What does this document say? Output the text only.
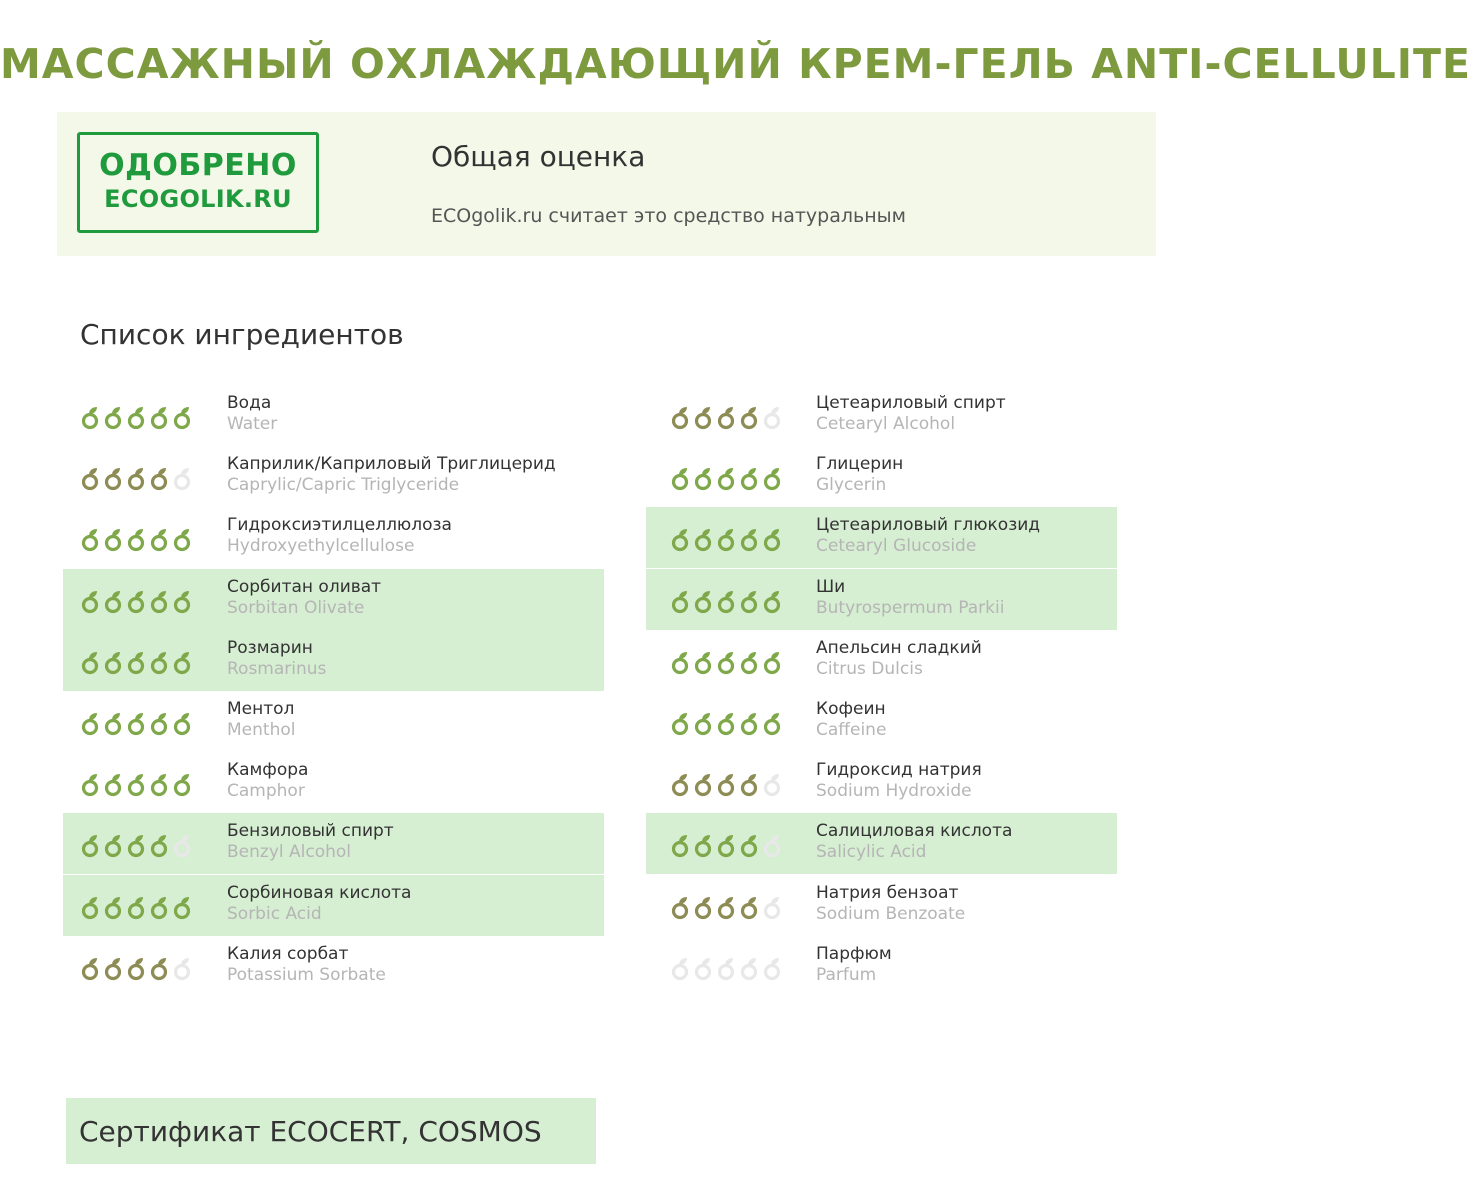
МАССАЖНЫЙ ОХЛАЖДАЮЩИЙ КРЕМ-ГЕЛЬ ANTI-CELLULITE
ОДОБРЕНО
ECOGOLIK.RU
Общая оценка
ECOgolik.ru считает это средство натуральным
Список ингредиентов
Вода
Water
Каприлик/Каприловый Триглицерид
Caprylic/Capric Triglyceride
Гидроксиэтилцеллюлоза
Hydroxyethylcellulose
Сорбитан оливат
Sorbitan Olivate
Розмарин
Rosmarinus
Ментол
Menthol
Камфора
Camphor
Бензиловый спирт
Benzyl Alcohol
Сорбиновая кислота
Sorbic Acid
Калия сорбат
Potassium Sorbate
Цетеариловый спирт
Cetearyl Alcohol
Глицерин
Glycerin
Цетеариловый глюкозид
Cetearyl Glucoside
Ши
Butyrospermum Parkii
Апельсин сладкий
Citrus Dulcis
Кофеин
Caffeine
Гидроксид натрия
Sodium Hydroxide
Салициловая кислота
Salicylic Acid
Натрия бензоат
Sodium Benzoate
Парфюм
Parfum
Сертификат ECOCERT, COSMOS
